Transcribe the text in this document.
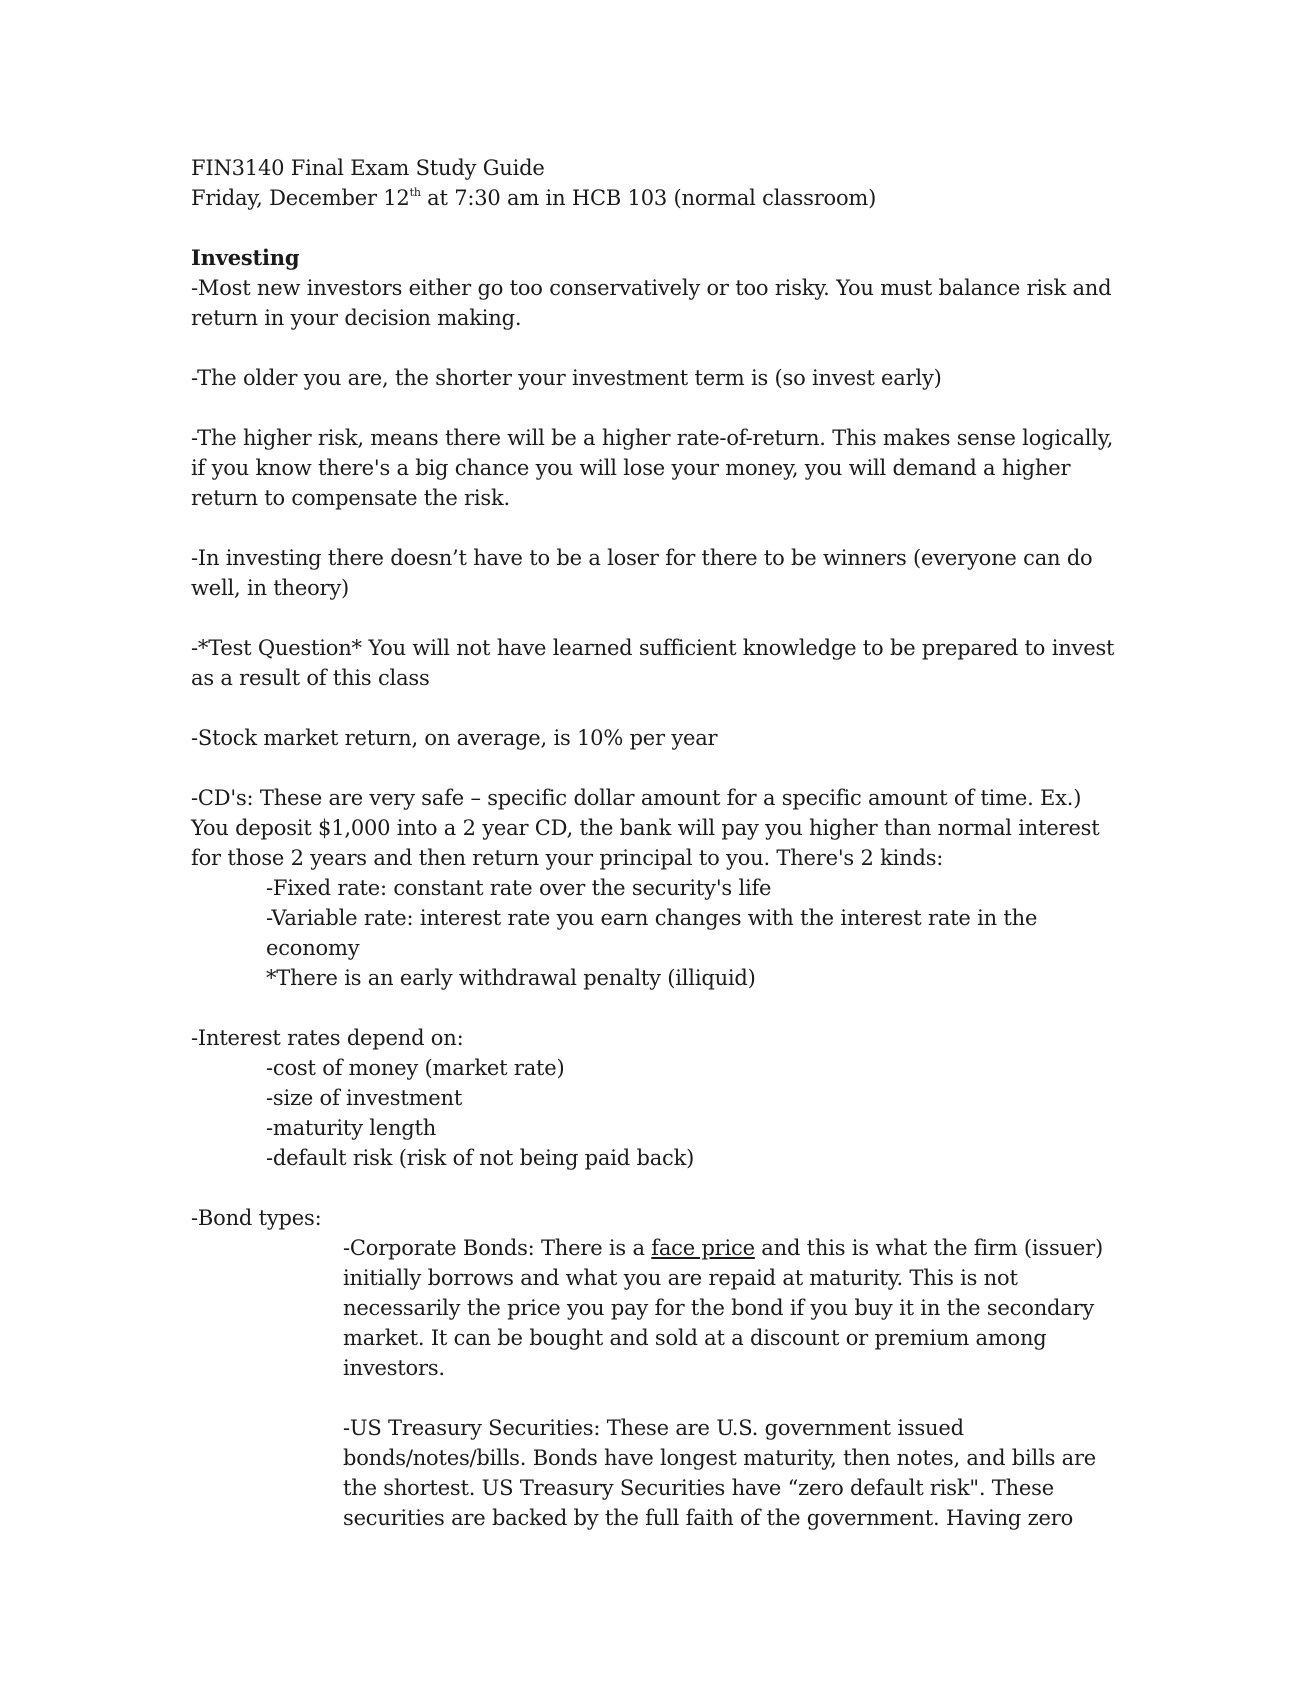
FIN3140 Final Exam Study Guide

Friday, December 12th at 7:30 am in HCB 103 (normal classroom)

Investing

-Most new investors either go too conservatively or too risky. You must balance risk and return in your decision making.

-The older you are, the shorter your investment term is (so invest early)

-The higher risk, means there will be a higher rate-of-return. This makes sense logically, if you know there's a big chance you will lose your money, you will demand a higher return to compensate the risk.

-In investing there doesn’t have to be a loser for there to be winners (everyone can do well, in theory)

-*Test Question* You will not have learned sufficient knowledge to be prepared to invest as a result of this class

-Stock market return, on average, is 10% per year

-CD's: These are very safe – specific dollar amount for a specific amount of time. Ex.) You deposit $1,000 into a 2 year CD, the bank will pay you higher than normal interest for those 2 years and then return your principal to you. There's 2 kinds:

-Fixed rate: constant rate over the security's life

-Variable rate: interest rate you earn changes with the interest rate in the economy

*There is an early withdrawal penalty (illiquid)

-Interest rates depend on:

-cost of money (market rate)

-size of investment

-maturity length

-default risk (risk of not being paid back)

-Bond types:

-Corporate Bonds: There is a face price and this is what the firm (issuer) initially borrows and what you are repaid at maturity. This is not necessarily the price you pay for the bond if you buy it in the secondary market. It can be bought and sold at a discount or premium among investors.

-US Treasury Securities: These are U.S. government issued bonds/notes/bills. Bonds have longest maturity, then notes, and bills are the shortest. US Treasury Securities have “zero default risk". These securities are backed by the full faith of the government. Having zero
